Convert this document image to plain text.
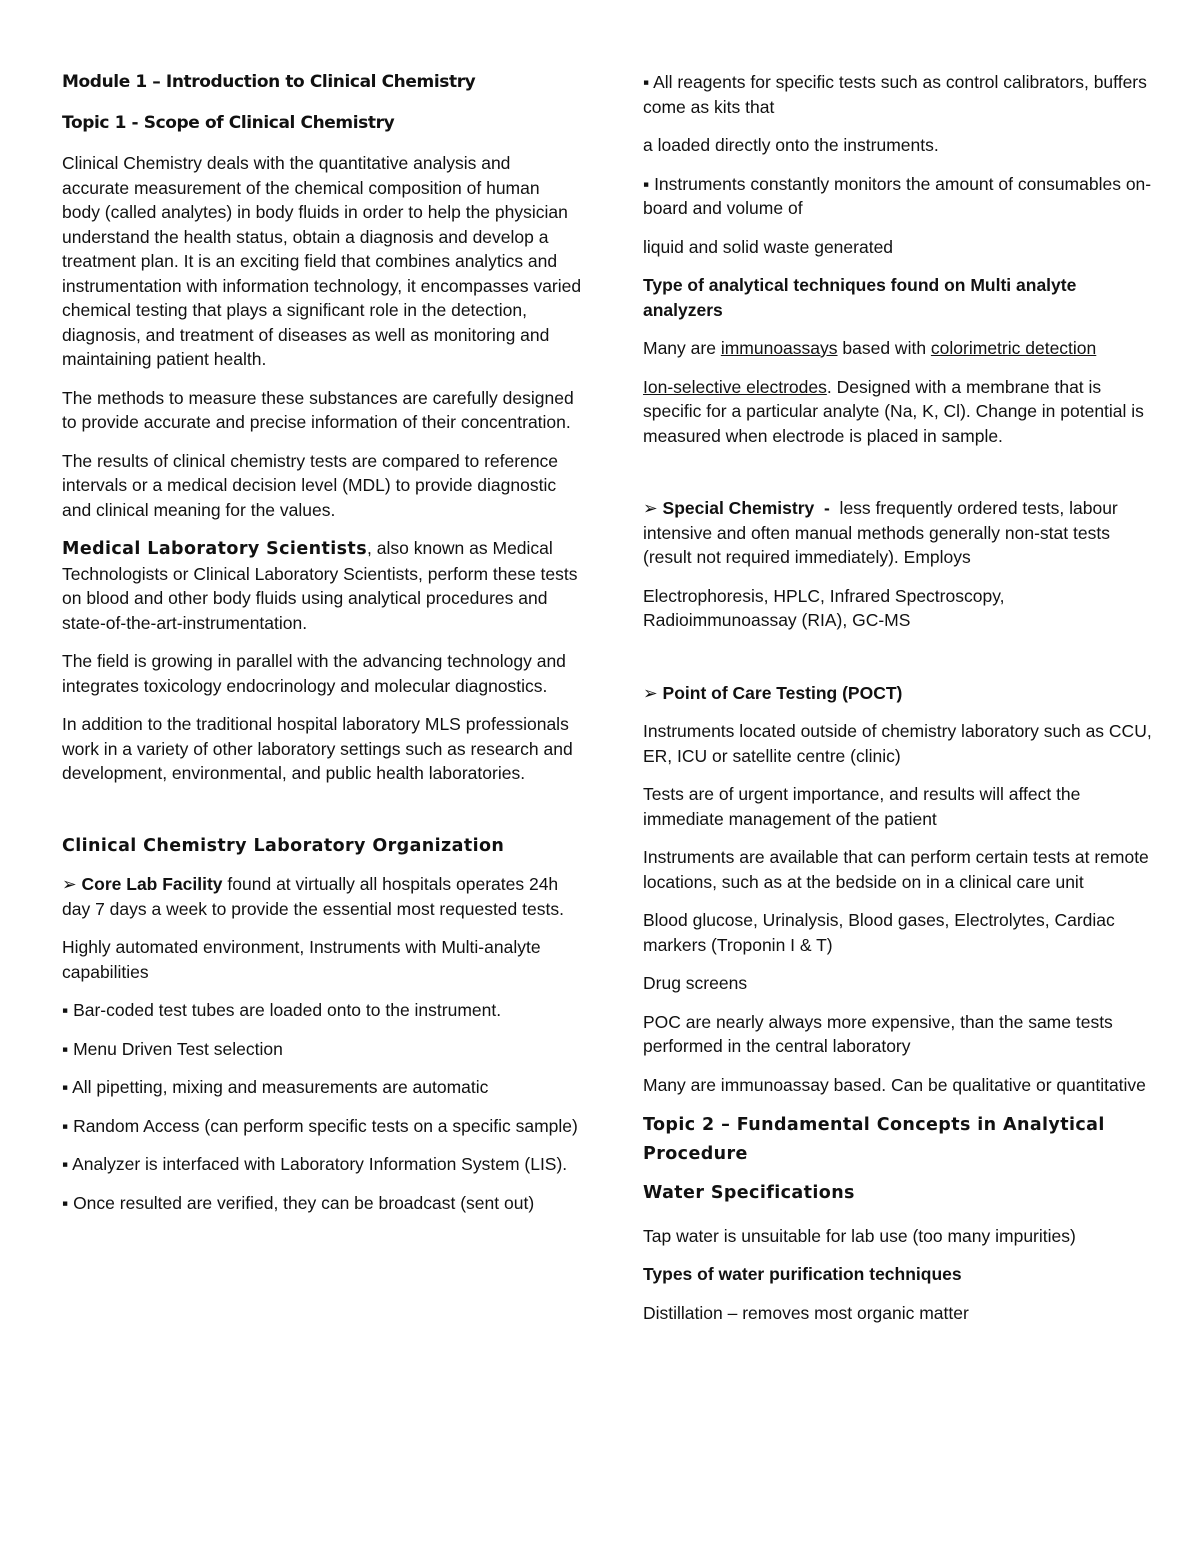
Module 1 – Introduction to Clinical Chemistry

Topic 1 - Scope of Clinical Chemistry

Clinical Chemistry deals with the quantitative analysis and accurate measurement of the chemical composition of human body (called analytes) in body fluids in order to help the physician understand the health status, obtain a diagnosis and develop a treatment plan. It is an exciting field that combines analytics and instrumentation with information technology, it encompasses varied chemical testing that plays a significant role in the detection, diagnosis, and treatment of diseases as well as monitoring and maintaining patient health.

The methods to measure these substances are carefully designed to provide accurate and precise information of their concentration.

The results of clinical chemistry tests are compared to reference intervals or a medical decision level (MDL) to provide diagnostic and clinical meaning for the values.

Medical Laboratory Scientists, also known as Medical Technologists or Clinical Laboratory Scientists, perform these tests on blood and other body fluids using analytical procedures and state-of-the-art-instrumentation.

The field is growing in parallel with the advancing technology and integrates toxicology endocrinology and molecular diagnostics.

In addition to the traditional hospital laboratory MLS professionals work in a variety of other laboratory settings such as research and development, environmental, and public health laboratories.

Clinical Chemistry Laboratory Organization

➢ Core Lab Facility found at virtually all hospitals operates 24h day 7 days a week to provide the essential most requested tests.

Highly automated environment, Instruments with Multi-analyte capabilities

▪ Bar-coded test tubes are loaded onto to the instrument.

▪ Menu Driven Test selection

▪ All pipetting, mixing and measurements are automatic

▪ Random Access (can perform specific tests on a specific sample)

▪ Analyzer is interfaced with Laboratory Information System (LIS).

▪ Once resulted are verified, they can be broadcast (sent out)

▪ All reagents for specific tests such as control calibrators, buffers come as kits that

a loaded directly onto the instruments.

▪ Instruments constantly monitors the amount of consumables on-board and volume of

liquid and solid waste generated

Type of analytical techniques found on Multi analyte analyzers

Many are immunoassays based with colorimetric detection

Ion-selective electrodes. Designed with a membrane that is specific for a particular analyte (Na, K, Cl). Change in potential is measured when electrode is placed in sample.

➢ Special Chemistry  -  less frequently ordered tests, labour intensive and often manual methods generally non-stat tests (result not required immediately). Employs

Electrophoresis, HPLC, Infrared Spectroscopy, Radioimmunoassay (RIA), GC-MS

➢ Point of Care Testing (POCT)

Instruments located outside of chemistry laboratory such as CCU, ER, ICU or satellite centre (clinic)

Tests are of urgent importance, and results will affect the immediate management of the patient

Instruments are available that can perform certain tests at remote locations, such as at the bedside on in a clinical care unit

Blood glucose, Urinalysis, Blood gases, Electrolytes, Cardiac markers (Troponin I & T)

Drug screens

POC are nearly always more expensive, than the same tests performed in the central laboratory

Many are immunoassay based. Can be qualitative or quantitative

Topic 2 – Fundamental Concepts in Analytical Procedure

Water Specifications

Tap water is unsuitable for lab use (too many impurities)

Types of water purification techniques

Distillation – removes most organic matter
